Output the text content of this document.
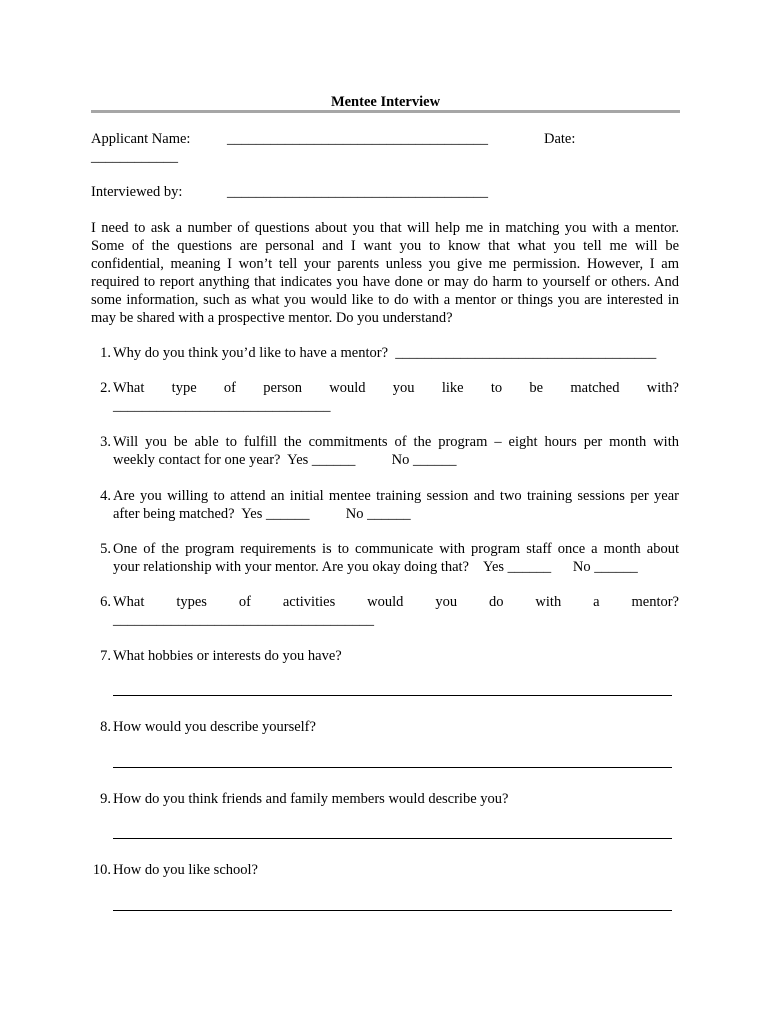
Mentee Interview
Applicant Name:	____________________________________	Date:
____________
Interviewed by:	____________________________________
I need to ask a number of questions about you that will help me in matching you with a mentor. Some of the questions are personal and I want you to know that what you tell me will be confidential, meaning I won’t tell your parents unless you give me permission. However, I am required to report anything that indicates you have done or may do harm to yourself or others. And some information, such as what you would like to do with a mentor or things you are interested in may be shared with a prospective mentor. Do you understand?
1. Why do you think you’d like to have a mentor?  ____________________________________
2. What type of person would you like to be matched with?
______________________________
3. Will you be able to fulfill the commitments of the program – eight hours per month with
weekly contact for one year?  Yes ______          No ______
4. Are you willing to attend an initial mentee training session and two training sessions per year
after being matched?  Yes ______          No ______
5. One of the program requirements is to communicate with program staff once a month about
your relationship with your mentor. Are you okay doing that?    Yes ______      No ______
6. What types of activities would you do with a mentor?
____________________________________
7. What hobbies or interests do you have?
8. How would you describe yourself?
9. How do you think friends and family members would describe you?
10. How do you like school?
